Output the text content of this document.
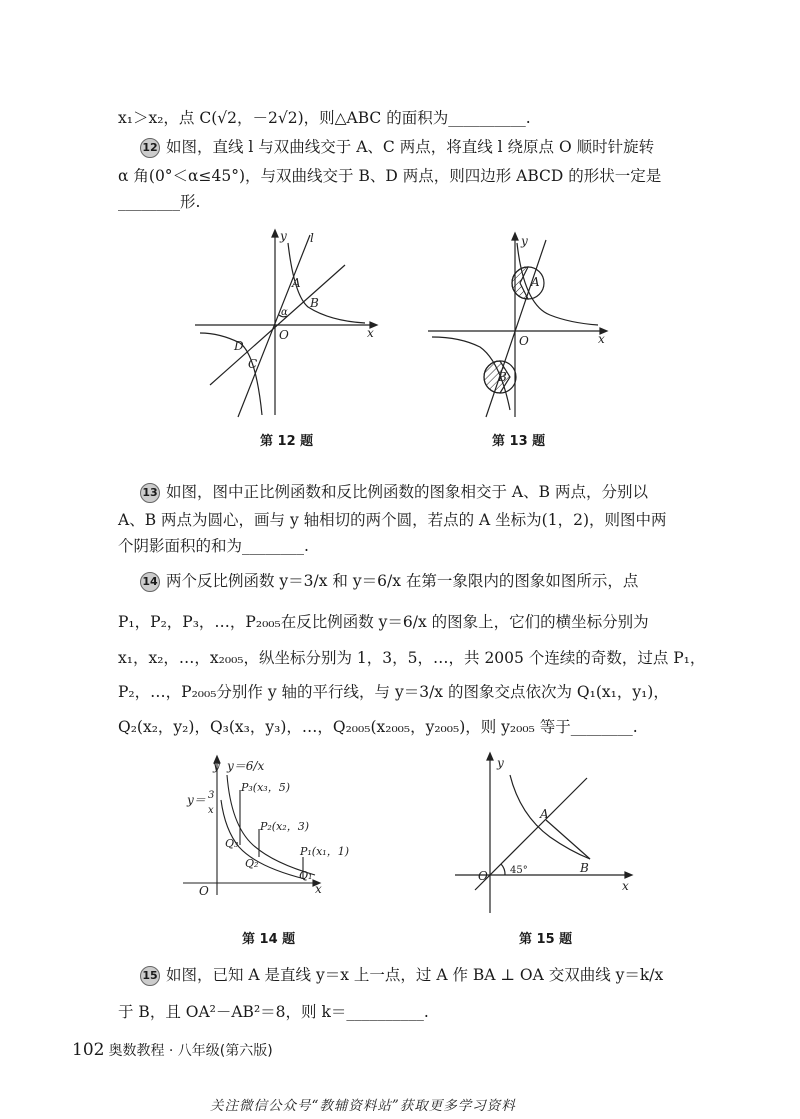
x₁＞x₂，点 C(√2，－2√2)，则△ABC 的面积为__________.
12 如图，直线 l 与双曲线交于 A、C 两点，将直线 l 绕原点 O 顺时针旋转
α 角(0°＜α≤45°)，与双曲线交于 B、D 两点，则四边形 ABCD 的形状一定是
________形.
13 如图，图中正比例函数和反比例函数的图象相交于 A、B 两点，分别以
A、B 两点为圆心，画与 y 轴相切的两个圆，若点的 A 坐标为(1，2)，则图中两
个阴影面积的和为________.
14 两个反比例函数 y＝3/x 和 y＝6/x 在第一象限内的图象如图所示，点
P₁，P₂，P₃，…，P₂₀₀₅在反比例函数 y＝6/x 的图象上，它们的横坐标分别为
x₁，x₂，…，x₂₀₀₅，纵坐标分别为 1，3，5，…，共 2005 个连续的奇数，过点 P₁，
P₂，…，P₂₀₀₅分别作 y 轴的平行线，与 y＝3/x 的图象交点依次为 Q₁(x₁，y₁)，
Q₂(x₂，y₂)，Q₃(x₃，y₃)，…，Q₂₀₀₅(x₂₀₀₅，y₂₀₀₅)，则 y₂₀₀₅ 等于________.
15 如图，已知 A 是直线 y＝x 上一点，过 A 作 BA ⊥ OA 交双曲线 y＝k/x
于 B，且 OA²－AB²＝8，则 k＝__________.
y l
A
B
α
O	x
D
C
第 12 题
y
A
O	x
B
第 13 题
y y＝6/x
3
y＝
x
P₃(x₃，5)
P₂(x₂，3)
P₁(x₁，1)
Q₃
Q₂
Q₁
O	x
第 14 题
y
A
O 45°	B
x
第 15 题
102 奥数教程 · 八年级(第六版)
关注微信公众号“教辅资料站”获取更多学习资料
